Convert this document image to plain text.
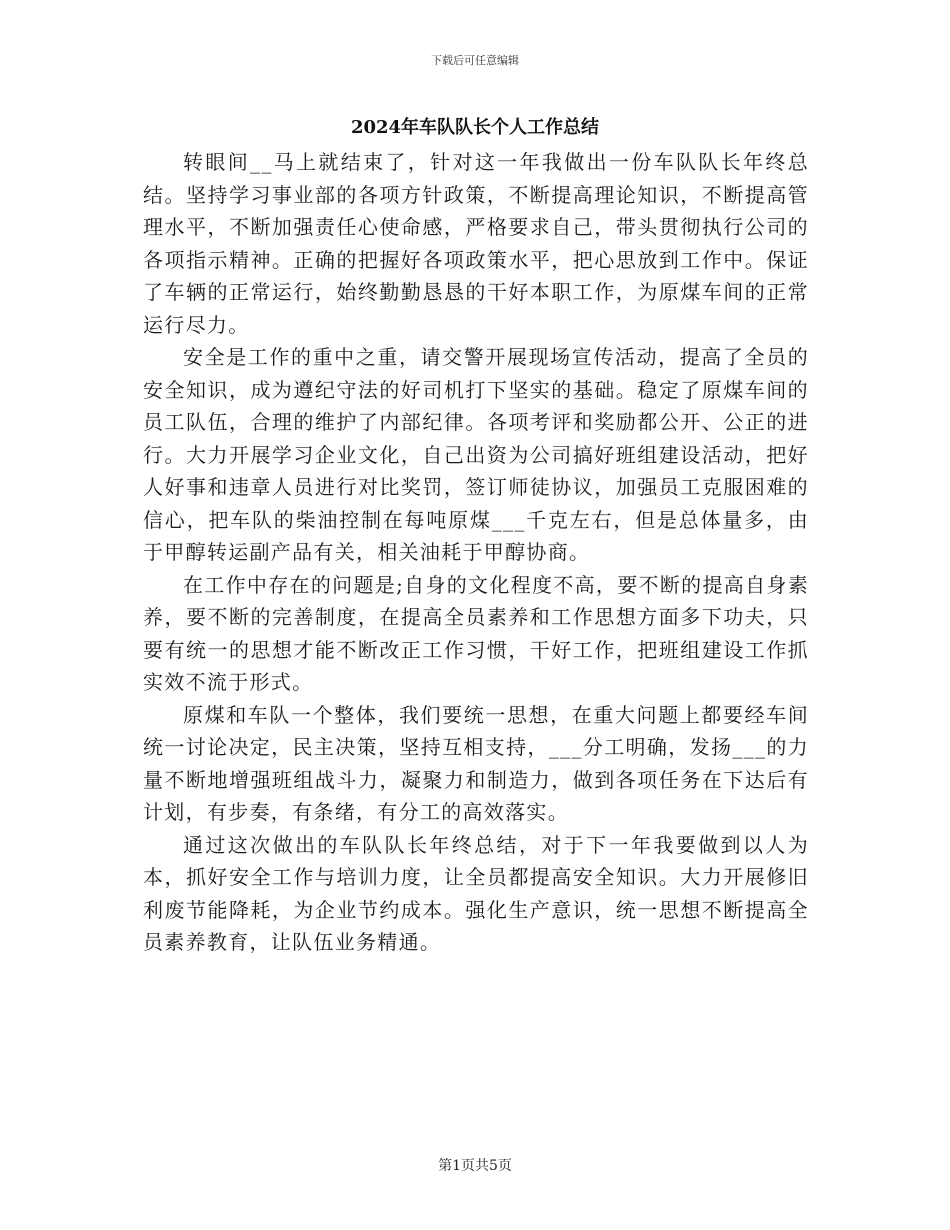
下载后可任意编辑
2024年车队队长个人工作总结

转眼间__马上就结束了，针对这一年我做出一份车队队长年终总结。坚持学习事业部的各项方针政策，不断提高理论知识，不断提高管理水平，不断加强责任心使命感，严格要求自己，带头贯彻执行公司的各项指示精神。正确的把握好各项政策水平，把心思放到工作中。保证了车辆的正常运行，始终勤勤恳恳的干好本职工作，为原煤车间的正常运行尽力。

安全是工作的重中之重，请交警开展现场宣传活动，提高了全员的安全知识，成为遵纪守法的好司机打下坚实的基础。稳定了原煤车间的员工队伍，合理的维护了内部纪律。各项考评和奖励都公开、公正的进行。大力开展学习企业文化，自己出资为公司搞好班组建设活动，把好人好事和违章人员进行对比奖罚，签订师徒协议，加强员工克服困难的信心，把车队的柴油控制在每吨原煤___千克左右，但是总体量多，由于甲醇转运副产品有关，相关油耗于甲醇协商。

在工作中存在的问题是;自身的文化程度不高，要不断的提高自身素养，要不断的完善制度，在提高全员素养和工作思想方面多下功夫，只要有统一的思想才能不断改正工作习惯，干好工作，把班组建设工作抓实效不流于形式。

原煤和车队一个整体，我们要统一思想，在重大问题上都要经车间统一讨论决定，民主决策，坚持互相支持，___分工明确，发扬___的力量不断地增强班组战斗力，凝聚力和制造力，做到各项任务在下达后有计划，有步奏，有条绪，有分工的高效落实。

通过这次做出的车队队长年终总结，对于下一年我要做到以人为本，抓好安全工作与培训力度，让全员都提高安全知识。大力开展修旧利废节能降耗，为企业节约成本。强化生产意识，统一思想不断提高全员素养教育，让队伍业务精通。

第1页共5页
